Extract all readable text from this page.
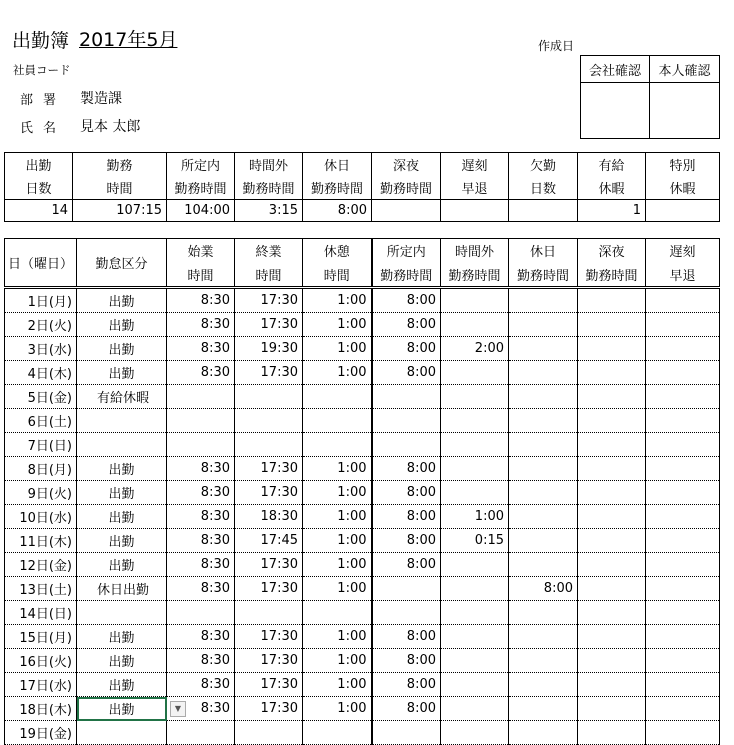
出勤簿 2017年5月	作成日
社員コード
部署 製造課
氏名 見本 太郎
会社確認	本人確認

出勤	勤務	所定内	時間外	休日	深夜	遅刻	欠勤	有給	特別
日数	時間	勤務時間	勤務時間	勤務時間	勤務時間	早退	日数	休暇	休暇
14	107:15	104:00	3:15	8:00				1	
日（曜日）	勤怠区分	始業	終業	休憩	所定内	時間外	休日	深夜	遅刻
		時間	時間	時間	勤務時間	勤務時間	勤務時間	勤務時間	早退
1日(月)	出勤	8:30	17:30	1:00	8:00				
2日(火)	出勤	8:30	17:30	1:00	8:00				
3日(水)	出勤	8:30	19:30	1:00	8:00	2:00			
4日(木)	出勤	8:30	17:30	1:00	8:00				
5日(金)	有給休暇								
6日(土)									
7日(日)									
8日(月)	出勤	8:30	17:30	1:00	8:00				
9日(火)	出勤	8:30	17:30	1:00	8:00				
10日(水)	出勤	8:30	18:30	1:00	8:00	1:00			
11日(木)	出勤	8:30	17:45	1:00	8:00	0:15			
12日(金)	出勤	8:30	17:30	1:00	8:00				
13日(土)	休日出勤	8:30	17:30	1:00			8:00		
14日(日)									
15日(月)	出勤	8:30	17:30	1:00	8:00				
16日(火)	出勤	8:30	17:30	1:00	8:00				
17日(水)	出勤	8:30	17:30	1:00	8:00				
18日(木)	出勤 ▼	8:30	17:30	1:00	8:00				
19日(金)									
